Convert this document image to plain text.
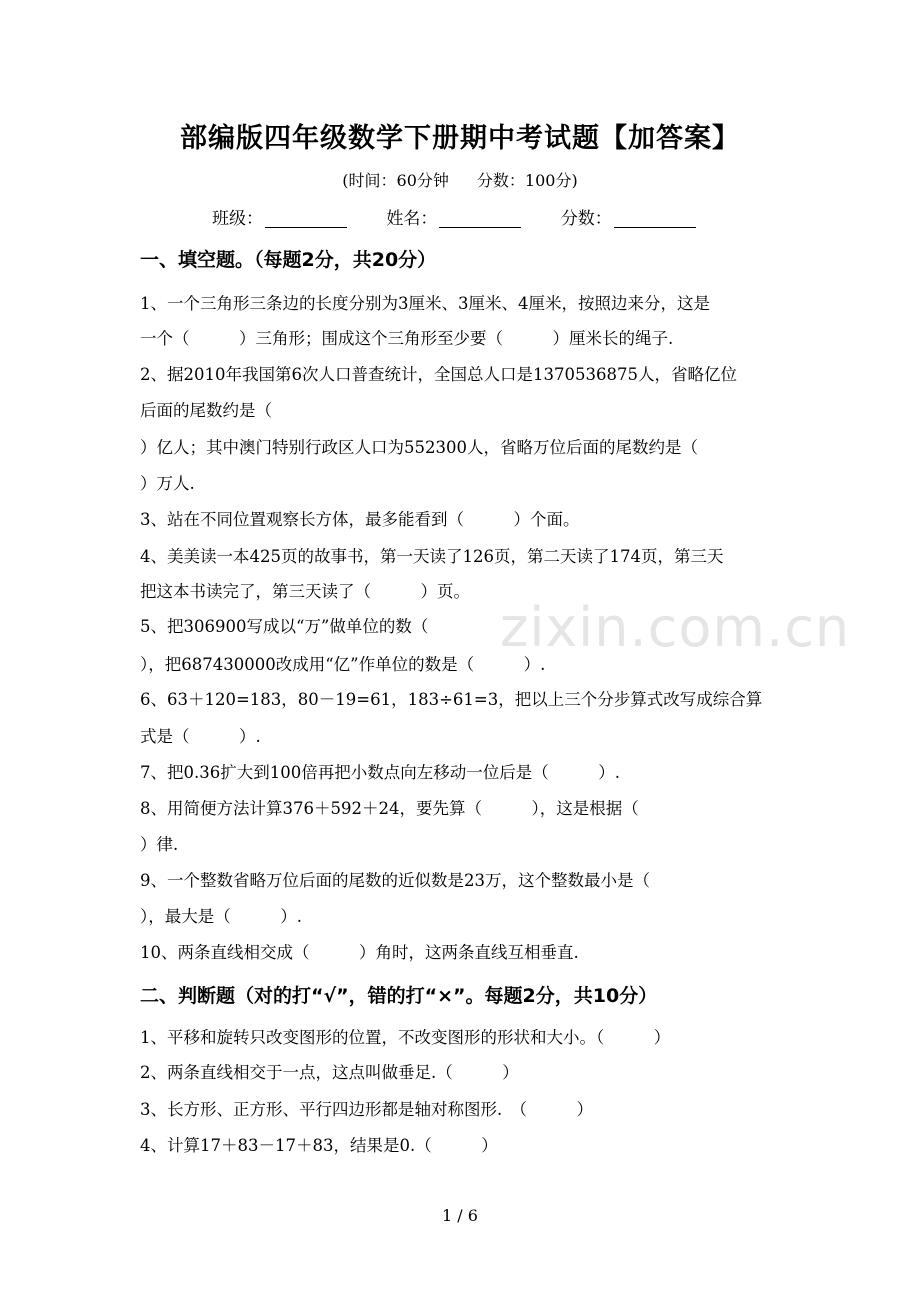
部编版四年级数学下册期中考试题【加答案】
(时间：60分钟 分数：100分)
班级：	姓名：	分数：
一、填空题。（每题2分，共20分）
1、一个三角形三条边的长度分别为3厘米、3厘米、4厘米，按照边来分，这是
一个（　　　）三角形；围成这个三角形至少要（　　　）厘米长的绳子.
2、据2010年我国第6次人口普查统计，全国总人口是1370536875人，省略亿位
后面的尾数约是（
）亿人；其中澳门特别行政区人口为552300人，省略万位后面的尾数约是（
）万人.
3、站在不同位置观察长方体，最多能看到（　　　）个面。
4、美美读一本425页的故事书，第一天读了126页，第二天读了174页，第三天
把这本书读完了，第三天读了（　　　）页。
5、把306900写成以“万”做单位的数（
），把687430000改成用“亿”作单位的数是（　　　）.
6、63＋120=183，80－19=61，183÷61=3，把以上三个分步算式改写成综合算
式是（　　　）.
7、把0.36扩大到100倍再把小数点向左移动一位后是（　　　）.
8、用简便方法计算376＋592＋24，要先算（　　　），这是根据（
）律.
9、一个整数省略万位后面的尾数的近似数是23万，这个整数最小是（
），最大是（　　　）.
10、两条直线相交成（　　　）角时，这两条直线互相垂直.
二、判断题（对的打“√”，错的打“×”。每题2分，共10分）
1、平移和旋转只改变图形的位置，不改变图形的形状和大小。（　　　）
2、两条直线相交于一点，这点叫做垂足.（　　　）
3、长方形、正方形、平行四边形都是轴对称图形.　（　　　）
4、计算17＋83－17＋83，结果是0.（　　　）
zixin.com.cn
1 / 6
